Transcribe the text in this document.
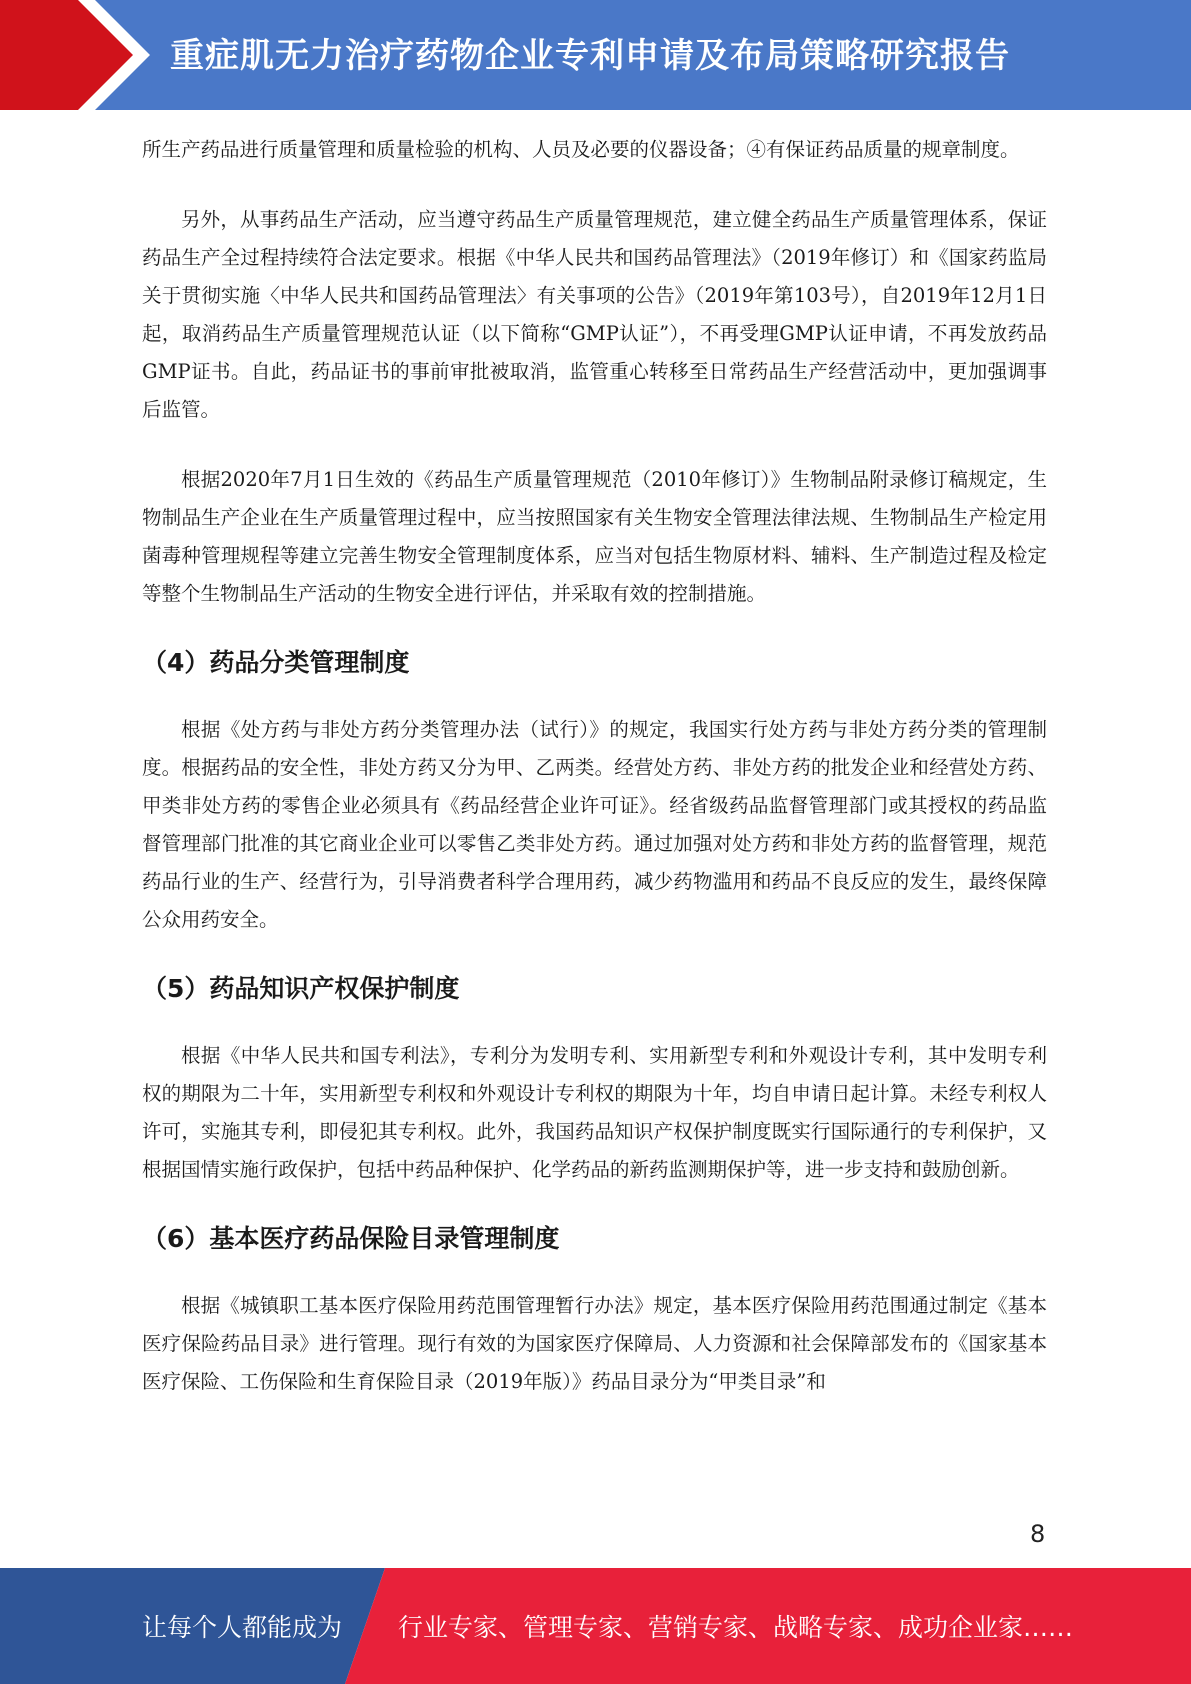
重症肌无力治疗药物企业专利申请及布局策略研究报告

所生产药品进行质量管理和质量检验的机构、人员及必要的仪器设备；④有保证药品质量的规章制度。

另外，从事药品生产活动，应当遵守药品生产质量管理规范，建立健全药品生产质量管理体系，保证药品生产全过程持续符合法定要求。根据《中华人民共和国药品管理法》（2019年修订）和《国家药监局关于贯彻实施〈中华人民共和国药品管理法〉有关事项的公告》（2019年第103号），自2019年12月1日起，取消药品生产质量管理规范认证（以下简称“GMP认证”），不再受理GMP认证申请，不再发放药品GMP证书。自此，药品证书的事前审批被取消，监管重心转移至日常药品生产经营活动中，更加强调事后监管。

根据2020年7月1日生效的《药品生产质量管理规范（2010年修订）》生物制品附录修订稿规定，生物制品生产企业在生产质量管理过程中，应当按照国家有关生物安全管理法律法规、生物制品生产检定用菌毒种管理规程等建立完善生物安全管理制度体系，应当对包括生物原材料、辅料、生产制造过程及检定等整个生物制品生产活动的生物安全进行评估，并采取有效的控制措施。

（4）药品分类管理制度

根据《处方药与非处方药分类管理办法（试行）》的规定，我国实行处方药与非处方药分类的管理制度。根据药品的安全性，非处方药又分为甲、乙两类。经营处方药、非处方药的批发企业和经营处方药、甲类非处方药的零售企业必须具有《药品经营企业许可证》。经省级药品监督管理部门或其授权的药品监督管理部门批准的其它商业企业可以零售乙类非处方药。通过加强对处方药和非处方药的监督管理，规范药品行业的生产、经营行为，引导消费者科学合理用药，减少药物滥用和药品不良反应的发生，最终保障公众用药安全。

（5）药品知识产权保护制度

根据《中华人民共和国专利法》，专利分为发明专利、实用新型专利和外观设计专利，其中发明专利权的期限为二十年，实用新型专利权和外观设计专利权的期限为十年，均自申请日起计算。未经专利权人许可，实施其专利，即侵犯其专利权。此外，我国药品知识产权保护制度既实行国际通行的专利保护，又根据国情实施行政保护，包括中药品种保护、化学药品的新药监测期保护等，进一步支持和鼓励创新。

（6）基本医疗药品保险目录管理制度

根据《城镇职工基本医疗保险用药范围管理暂行办法》规定，基本医疗保险用药范围通过制定《基本医疗保险药品目录》进行管理。现行有效的为国家医疗保障局、人力资源和社会保障部发布的《国家基本医疗保险、工伤保险和生育保险目录（2019年版）》药品目录分为“甲类目录”和

8
让每个人都能成为 行业专家、管理专家、营销专家、战略专家、成功企业家……
